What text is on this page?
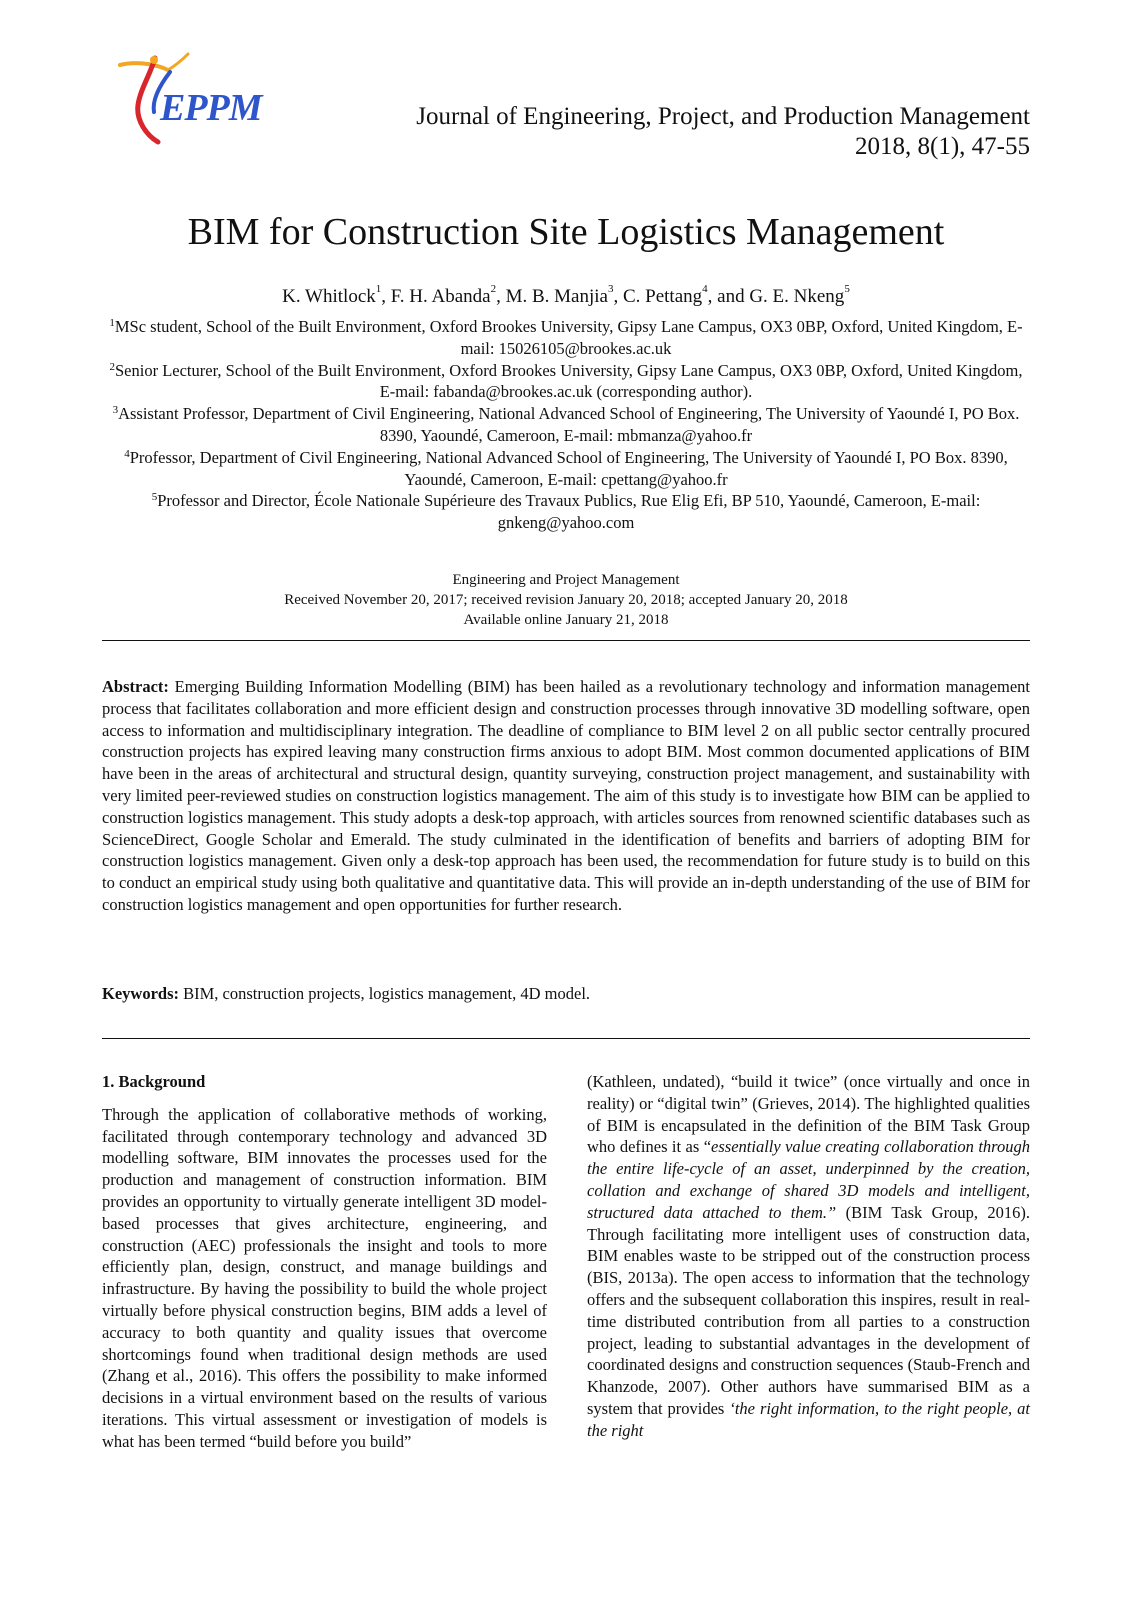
EPPM	Journal of Engineering, Project, and Production Management
2018, 8(1), 47-55
BIM for Construction Site Logistics Management
K. Whitlock$^1$, F. H. Abanda$^2$, M. B. Manjia$^3$, C. Pettang$^4$, and G. E. Nkeng$^5$

$^1$MSc student, School of the Built Environment, Oxford Brookes University, Gipsy Lane Campus, OX3 0BP, Oxford, United Kingdom, E-mail: 15026105@brookes.ac.uk

$^2$Senior Lecturer, School of the Built Environment, Oxford Brookes University, Gipsy Lane Campus, OX3 0BP, Oxford, United Kingdom, E-mail: fabanda@brookes.ac.uk (corresponding author).

$^3$Assistant Professor, Department of Civil Engineering, National Advanced School of Engineering, The University of Yaoundé I, PO Box. 8390, Yaoundé, Cameroon, E-mail: mbmanza@yahoo.fr

$^4$Professor, Department of Civil Engineering, National Advanced School of Engineering, The University of Yaoundé I, PO Box. 8390, Yaoundé, Cameroon, E-mail: cpettang@yahoo.fr

$^5$Professor and Director, École Nationale Supérieure des Travaux Publics, Rue Elig Efi, BP 510, Yaoundé, Cameroon, E-mail: gnkeng@yahoo.com

Engineering and Project Management
Received November 20, 2017; received revision January 20, 2018; accepted January 20, 2018
Available online January 21, 2018
Abstract: Emerging Building Information Modelling (BIM) has been hailed as a revolutionary technology and information management process that facilitates collaboration and more efficient design and construction processes through innovative 3D modelling software, open access to information and multidisciplinary integration. The deadline of compliance to BIM level 2 on all public sector centrally procured construction projects has expired leaving many construction firms anxious to adopt BIM. Most common documented applications of BIM have been in the areas of architectural and structural design, quantity surveying, construction project management, and sustainability with very limited peer-reviewed studies on construction logistics management. The aim of this study is to investigate how BIM can be applied to construction logistics management. This study adopts a desk-top approach, with articles sources from renowned scientific databases such as ScienceDirect, Google Scholar and Emerald. The study culminated in the identification of benefits and barriers of adopting BIM for construction logistics management. Given only a desk-top approach has been used, the recommendation for future study is to build on this to conduct an empirical study using both qualitative and quantitative data. This will provide an in-depth understanding of the use of BIM for construction logistics management and open opportunities for further research.
Keywords: BIM, construction projects, logistics management, 4D model.

1. Background

Through the application of collaborative methods of working, facilitated through contemporary technology and advanced 3D modelling software, BIM innovates the processes used for the production and management of construction information. BIM provides an opportunity to virtually generate intelligent 3D model-based processes that gives architecture, engineering, and construction (AEC) professionals the insight and tools to more efficiently plan, design, construct, and manage buildings and infrastructure. By having the possibility to build the whole project virtually before physical construction begins, BIM adds a level of accuracy to both quantity and quality issues that overcome shortcomings found when traditional design methods are used (Zhang et al., 2016). This offers the possibility to make informed decisions in a virtual environment based on the results of various iterations. This virtual assessment or investigation of models is what has been termed “build before you build”

(Kathleen, undated), “build it twice” (once virtually and once in reality) or “digital twin” (Grieves, 2014). The highlighted qualities of BIM is encapsulated in the definition of the BIM Task Group who defines it as “essentially value creating collaboration through the entire life-cycle of an asset, underpinned by the creation, collation and exchange of shared 3D models and intelligent, structured data attached to them.” (BIM Task Group, 2016). Through facilitating more intelligent uses of construction data, BIM enables waste to be stripped out of the construction process (BIS, 2013a). The open access to information that the technology offers and the subsequent collaboration this inspires, result in real-time distributed contribution from all parties to a construction project, leading to substantial advantages in the development of coordinated designs and construction sequences (Staub-French and Khanzode, 2007). Other authors have summarised BIM as a system that provides ‘the right information, to the right people, at the right
